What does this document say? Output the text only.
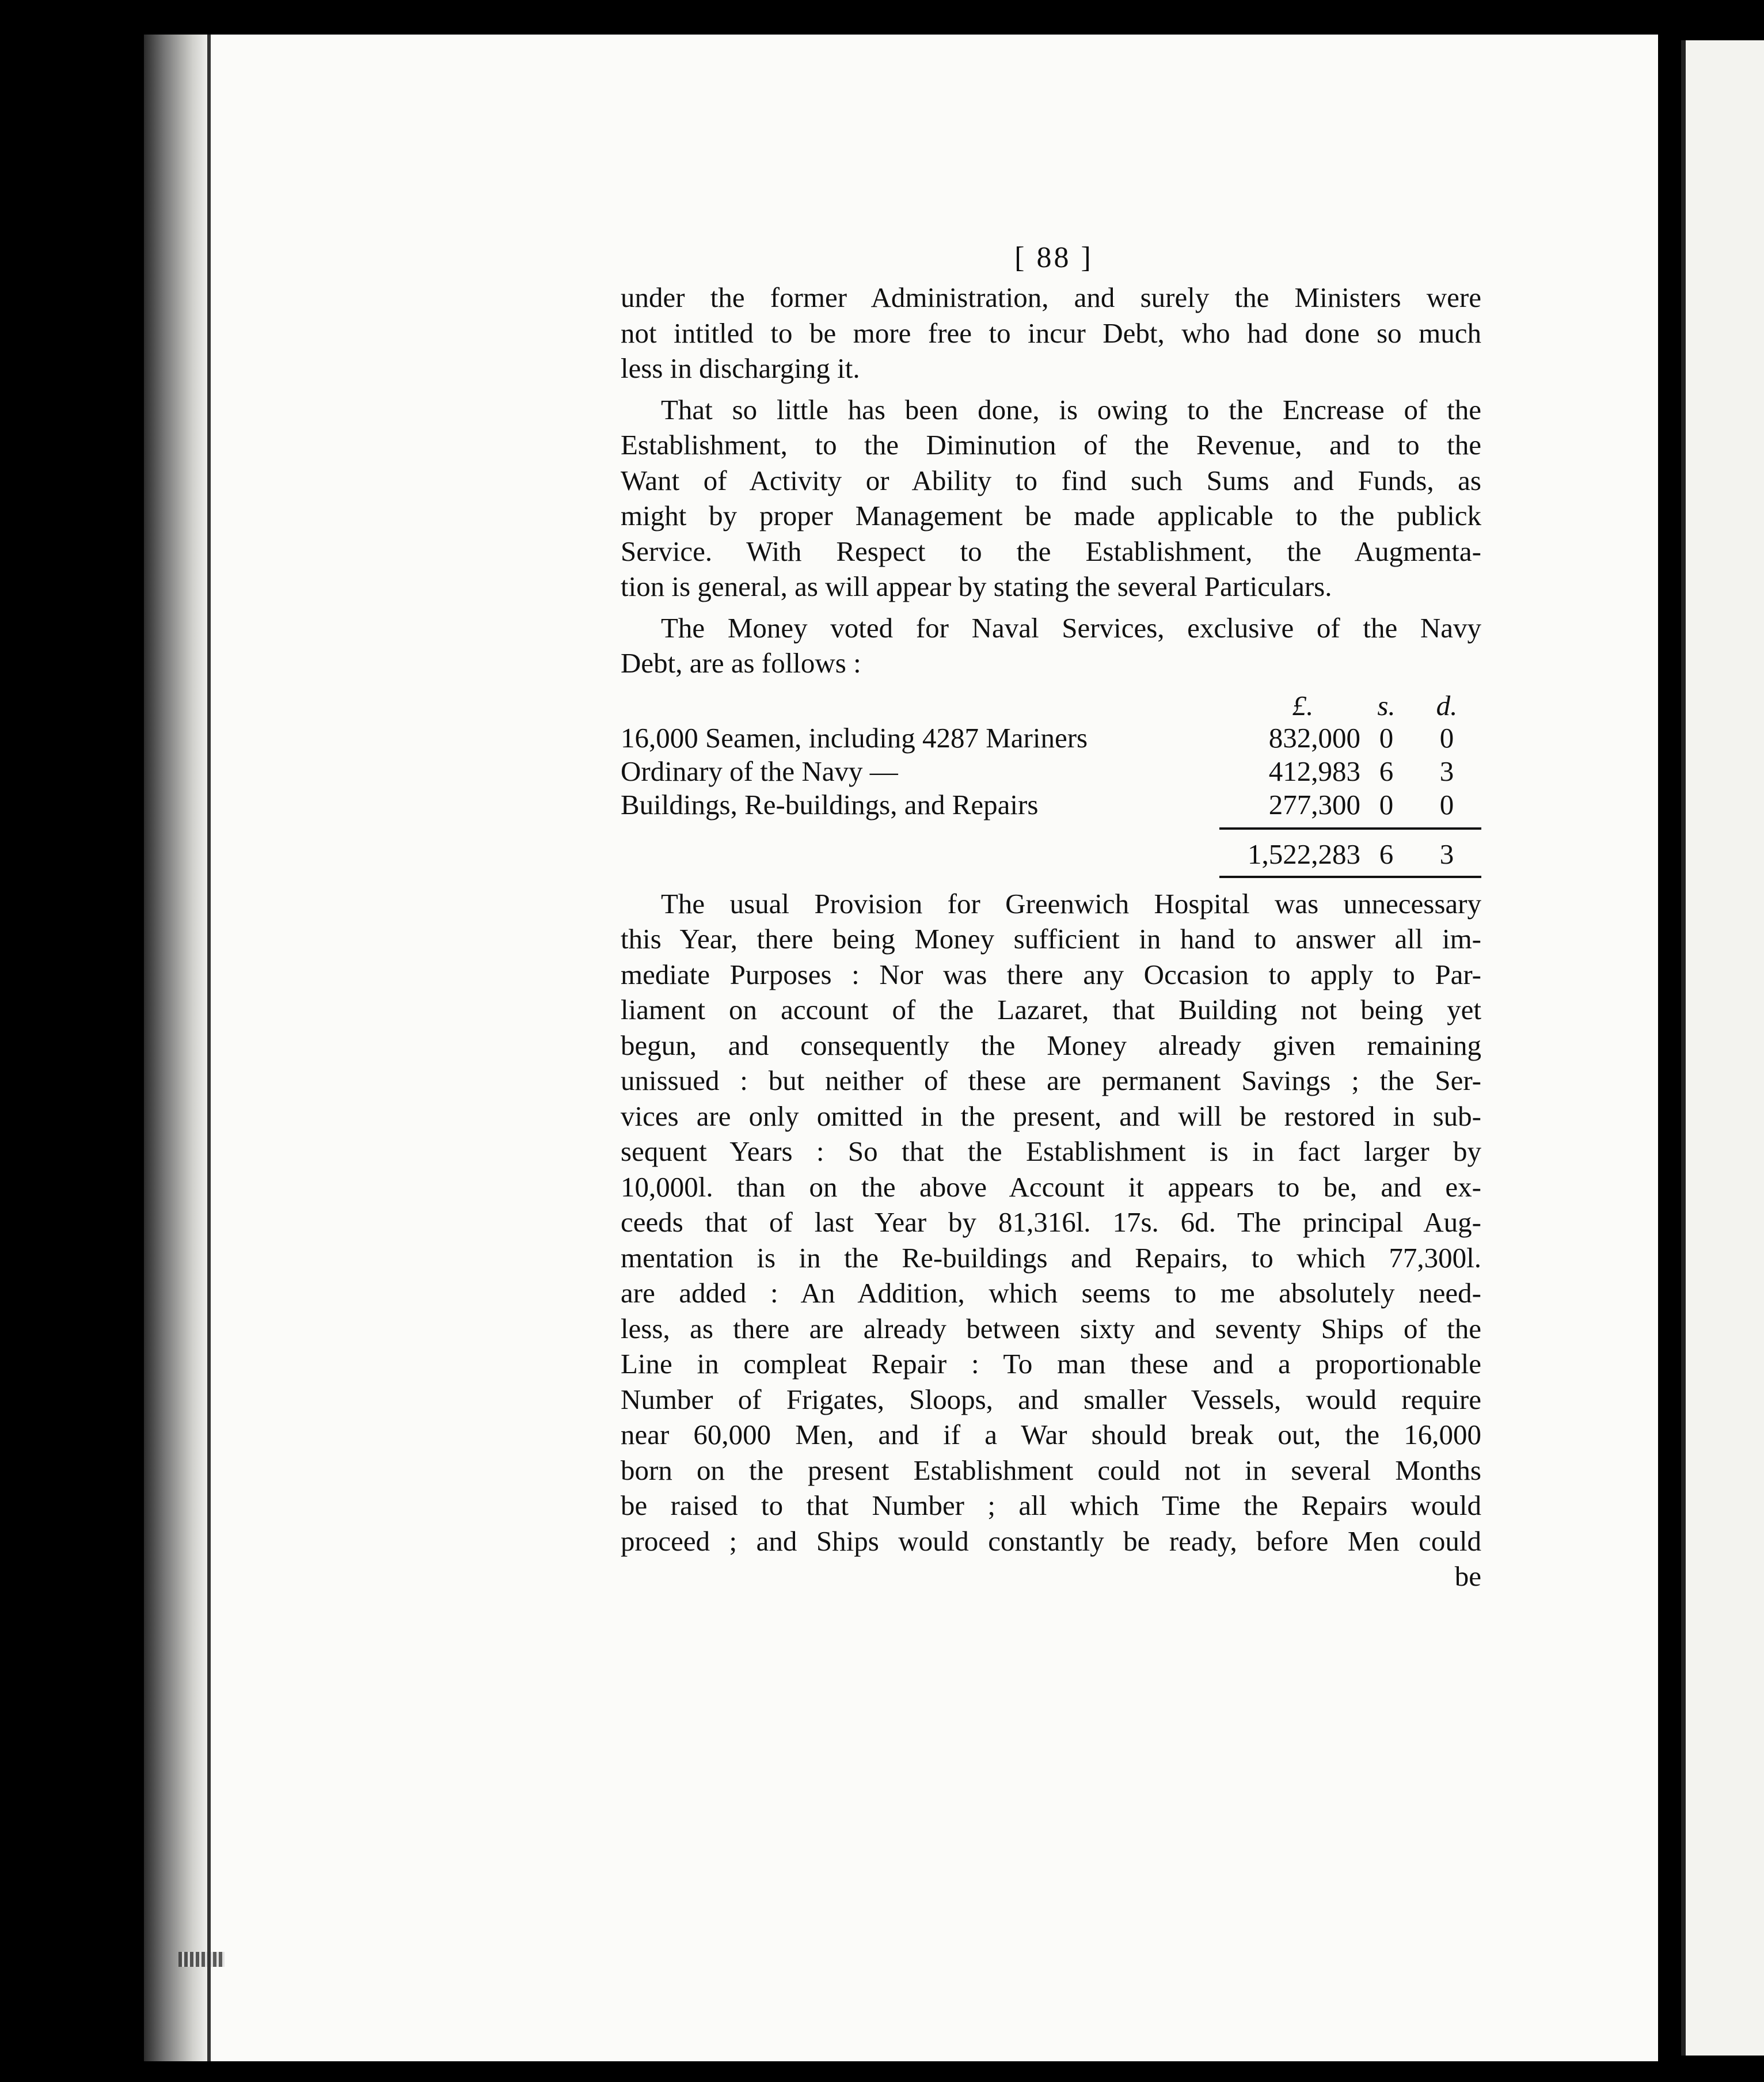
[ 88 ]
under the former Administration, and surely the Ministers were
not intitled to be more free to incur Debt, who had done so much
less in discharging it.
That so little has been done, is owing to the Encrease of the
Establishment, to the Diminution of the Revenue, and to the
Want of Activity or Ability to find such Sums and Funds, as
might by proper Management be made applicable to the publick
Service. With Respect to the Establishment, the Augmenta-
tion is general, as will appear by stating the several Particulars.
The Money voted for Naval Services, exclusive of the Navy
Debt, are as follows :
£.	s.	d.
16,000 Seamen, including 4287 Mariners	832,000 0	0
Ordinary of the Navy —	412,983 6	3
Buildings, Re-buildings, and Repairs	277,300 0	0
1,522,283 6	3
The usual Provision for Greenwich Hospital was unnecessary
this Year, there being Money sufficient in hand to answer all im-
mediate Purposes : Nor was there any Occasion to apply to Par-
liament on account of the Lazaret, that Building not being yet
begun, and consequently the Money already given remaining
unissued : but neither of these are permanent Savings ; the Ser-
vices are only omitted in the present, and will be restored in sub-
sequent Years : So that the Establishment is in fact larger by
10,000l. than on the above Account it appears to be, and ex-
ceeds that of last Year by 81,316l. 17s. 6d. The principal Aug-
mentation is in the Re-buildings and Repairs, to which 77,300l.
are added : An Addition, which seems to me absolutely need-
less, as there are already between sixty and seventy Ships of the
Line in compleat Repair : To man these and a proportionable
Number of Frigates, Sloops, and smaller Vessels, would require
near 60,000 Men, and if a War should break out, the 16,000
born on the present Establishment could not in several Months
be raised to that Number ; all which Time the Repairs would
proceed ; and Ships would constantly be ready, before Men could
be
